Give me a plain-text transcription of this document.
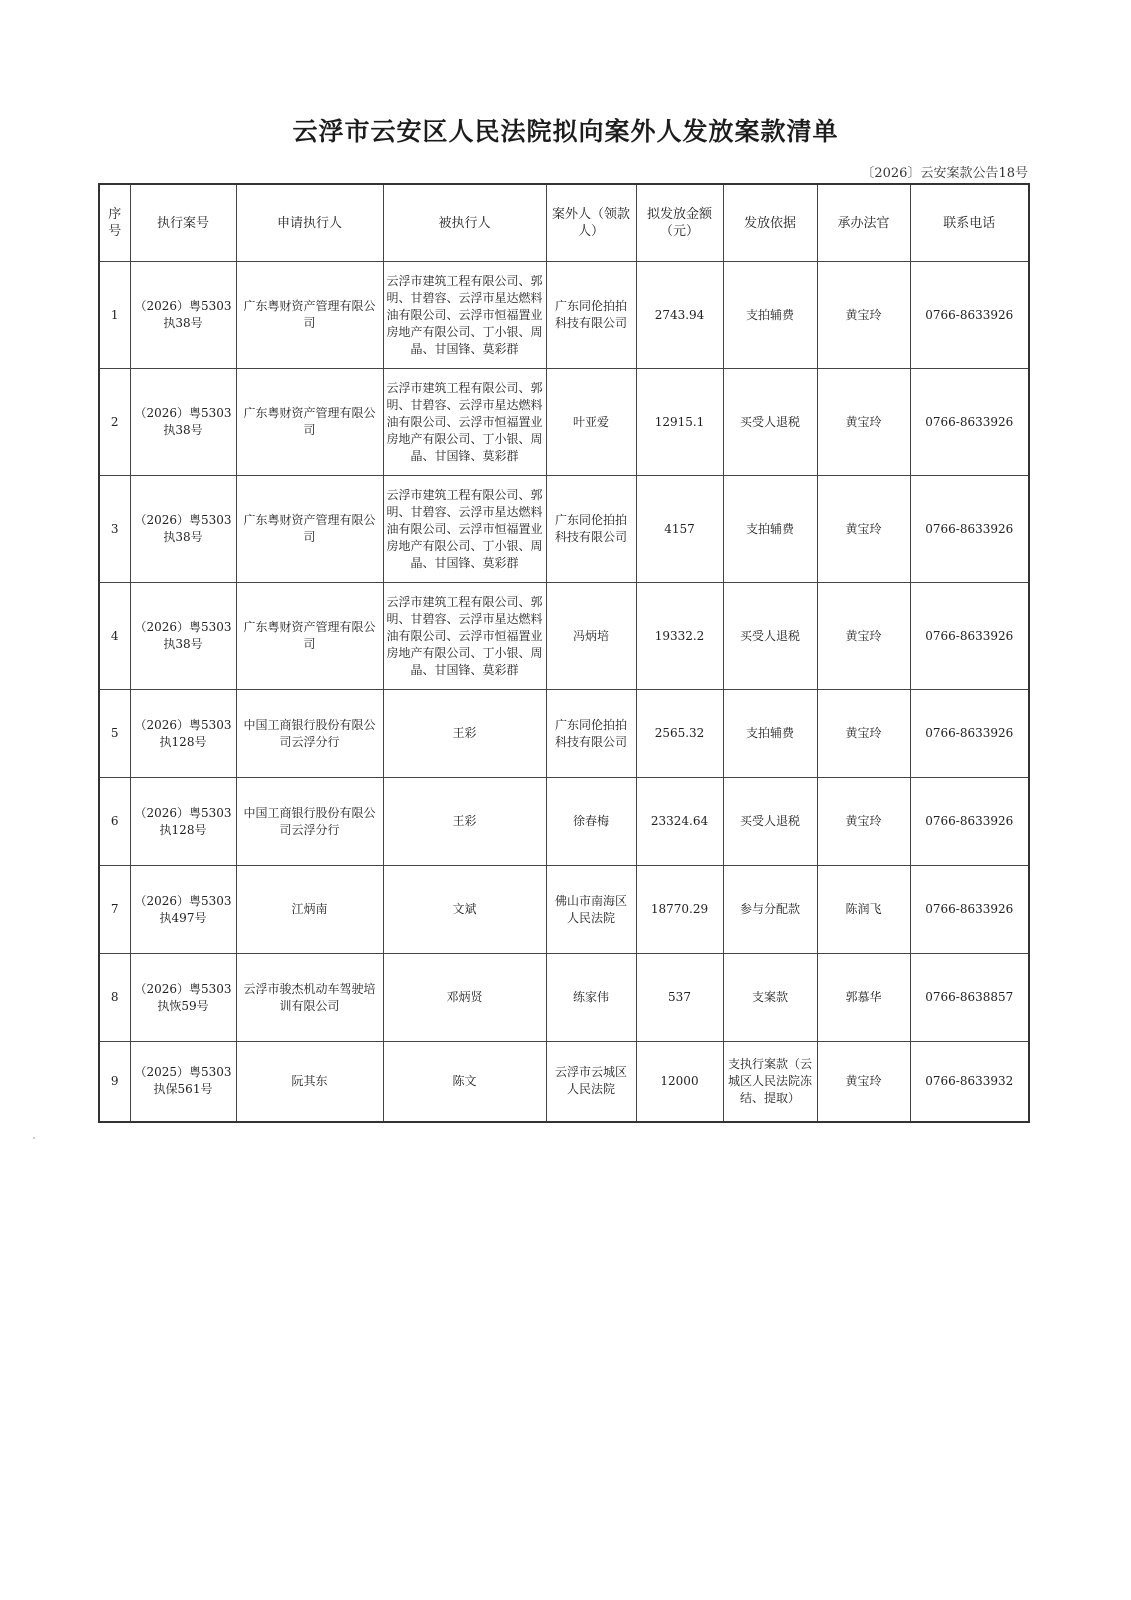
云浮市云安区人民法院拟向案外人发放案款清单
〔2026〕云安案款公告18号
序号	执行案号	申请执行人	被执行人	案外人（领款人）	拟发放金额（元）	发放依据	承办法官	联系电话
1	（2026）粤5303执38号	广东粤财资产管理有限公司	云浮市建筑工程有限公司、郭明、甘碧容、云浮市星达燃料油有限公司、云浮市恒福置业房地产有限公司、丁小银、周晶、甘国锋、莫彩群	广东同伦拍拍科技有限公司	2743.94	支拍辅费	黄宝玲	0766-8633926
2	（2026）粤5303执38号	广东粤财资产管理有限公司	云浮市建筑工程有限公司、郭明、甘碧容、云浮市星达燃料油有限公司、云浮市恒福置业房地产有限公司、丁小银、周晶、甘国锋、莫彩群	叶亚爱	12915.1	买受人退税	黄宝玲	0766-8633926
3	（2026）粤5303执38号	广东粤财资产管理有限公司	云浮市建筑工程有限公司、郭明、甘碧容、云浮市星达燃料油有限公司、云浮市恒福置业房地产有限公司、丁小银、周晶、甘国锋、莫彩群	广东同伦拍拍科技有限公司	4157	支拍辅费	黄宝玲	0766-8633926
4	（2026）粤5303执38号	广东粤财资产管理有限公司	云浮市建筑工程有限公司、郭明、甘碧容、云浮市星达燃料油有限公司、云浮市恒福置业房地产有限公司、丁小银、周晶、甘国锋、莫彩群	冯炳培	19332.2	买受人退税	黄宝玲	0766-8633926
5	（2026）粤5303执128号	中国工商银行股份有限公司云浮分行	王彩	广东同伦拍拍科技有限公司	2565.32	支拍辅费	黄宝玲	0766-8633926
6	（2026）粤5303执128号	中国工商银行股份有限公司云浮分行	王彩	徐春梅	23324.64	买受人退税	黄宝玲	0766-8633926
7	（2026）粤5303执497号	江炳南	文斌	佛山市南海区人民法院	18770.29	参与分配款	陈润飞	0766-8633926
8	（2026）粤5303执恢59号	云浮市骏杰机动车驾驶培训有限公司	邓炳贤	练家伟	537	支案款	郭慕华	0766-8638857
9	（2025）粤5303执保561号	阮其东	陈文	云浮市云城区人民法院	12000	支执行案款（云城区人民法院冻结、提取）	黄宝玲	0766-8633932
